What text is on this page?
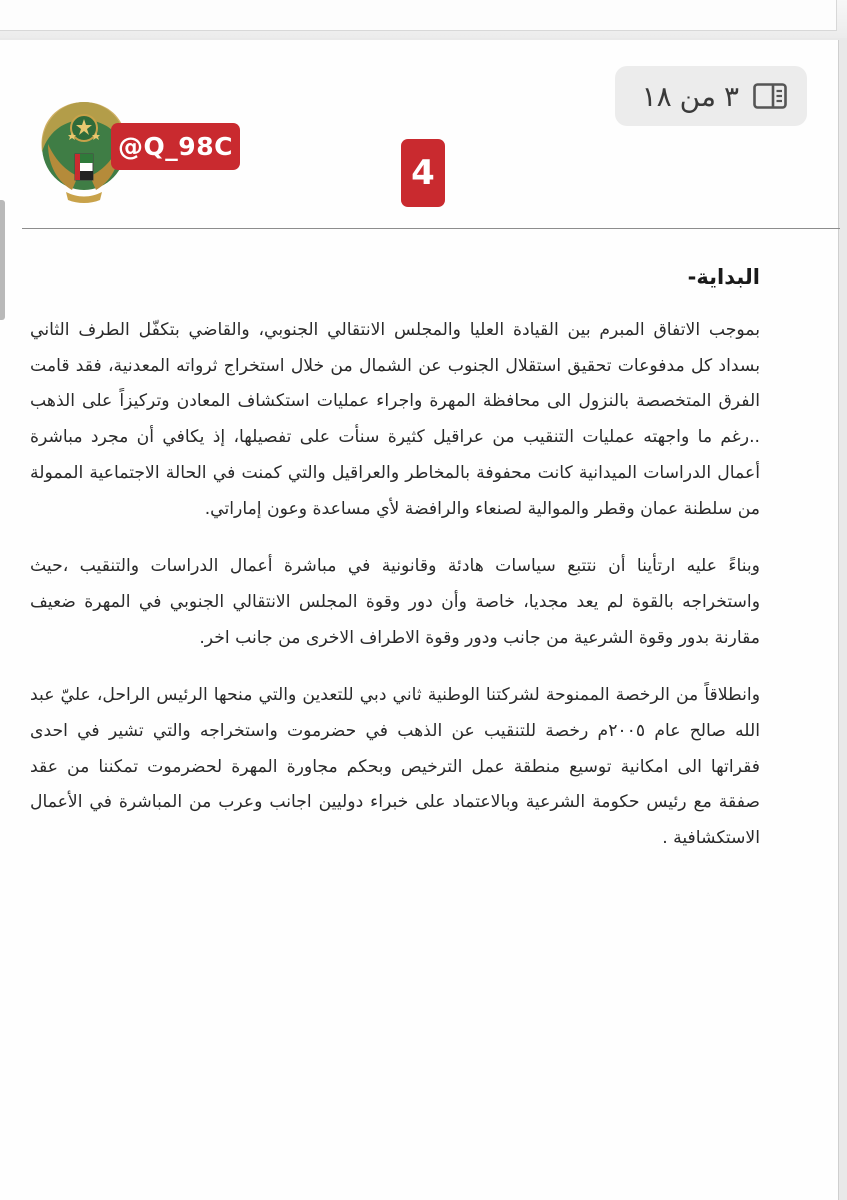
٣من١٨
@Q_98C
4
البداية-

بموجب الاتفاق المبرم بين القيادة العليا والمجلس الانتقالي الجنوبي، والقاضي بتكفّل الطرف الثاني بسداد كل مدفوعات تحقيق استقلال الجنوب عن الشمال من خلال استخراج ثرواته المعدنية، فقد قامت الفرق المتخصصة بالنزول الى محافظة المهرة واجراء عمليات استكشاف المعادن وتركيزاً على الذهب ..رغم ما واجهته عمليات التنقيب من عراقيل كثيرة سنأت على تفصيلها، إذ يكافي أن مجرد مباشرة أعمال الدراسات الميدانية كانت محفوفة بالمخاطر والعراقيل والتي كمنت في الحالة الاجتماعية الممولة من سلطنة عمان وقطر والموالية لصنعاء والرافضة لأي مساعدة وعون إماراتي.

وبناءً عليه ارتأينا أن نتتبع سياسات هادئة وقانونية في مباشرة أعمال الدراسات والتنقيب ،حيث واستخراجه بالقوة لم يعد مجديا، خاصة وأن دور وقوة المجلس الانتقالي الجنوبي في المهرة ضعيف مقارنة بدور وقوة الشرعية من جانب ودور وقوة الاطراف الاخرى من جانب اخر.

وانطلاقاً من الرخصة الممنوحة لشركتنا الوطنية ثاني دبي للتعدين والتي منحها الرئيس الراحل، عليّ عبد الله صالح عام ٢٠٠٥م رخصة للتنقيب عن الذهب في حضرموت واستخراجه والتي تشير في احدى فقراتها الى امكانية توسيع منطقة عمل الترخيص وبحكم مجاورة المهرة لحضرموت تمكننا من عقد صفقة مع رئيس حكومة الشرعية وبالاعتماد على خبراء دوليين اجانب وعرب من المباشرة في الأعمال الاستكشافية .
